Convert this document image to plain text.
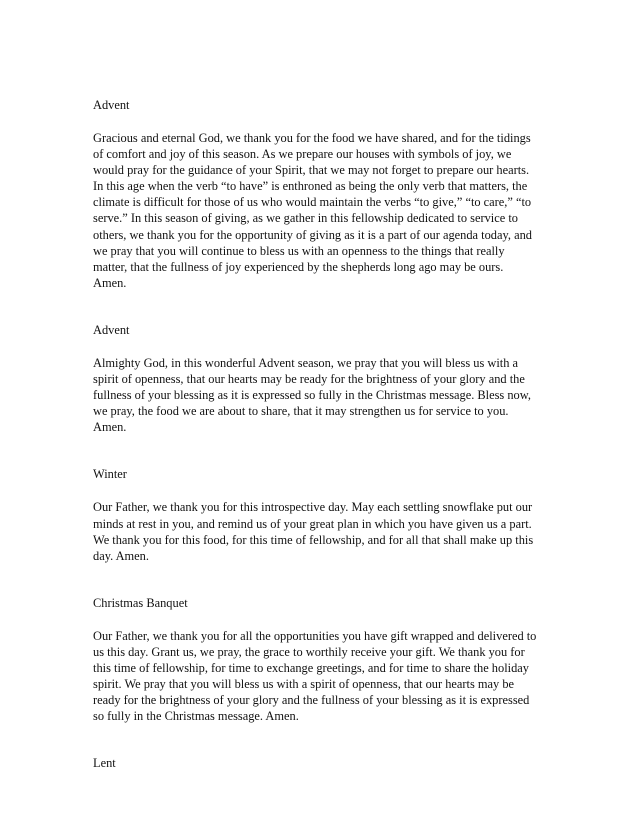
Advent
Gracious and eternal God, we thank you for the food we have shared, and for the tidings
of comfort and joy of this season. As we prepare our houses with symbols of joy, we
would pray for the guidance of your Spirit, that we may not forget to prepare our hearts.
In this age when the verb “to have” is enthroned as being the only verb that matters, the
climate is difficult for those of us who would maintain the verbs “to give,” “to care,” “to
serve.” In this season of giving, as we gather in this fellowship dedicated to service to
others, we thank you for the opportunity of giving as it is a part of our agenda today, and
we pray that you will continue to bless us with an openness to the things that really
matter, that the fullness of joy experienced by the shepherds long ago may be ours.
Amen.
Advent
Almighty God, in this wonderful Advent season, we pray that you will bless us with a
spirit of openness, that our hearts may be ready for the brightness of your glory and the
fullness of your blessing as it is expressed so fully in the Christmas message. Bless now,
we pray, the food we are about to share, that it may strengthen us for service to you.
Amen.
Winter
Our Father, we thank you for this introspective day. May each settling snowflake put our
minds at rest in you, and remind us of your great plan in which you have given us a part.
We thank you for this food, for this time of fellowship, and for all that shall make up this
day. Amen.
Christmas Banquet
Our Father, we thank you for all the opportunities you have gift wrapped and delivered to
us this day. Grant us, we pray, the grace to worthily receive your gift. We thank you for
this time of fellowship, for time to exchange greetings, and for time to share the holiday
spirit. We pray that you will bless us with a spirit of openness, that our hearts may be
ready for the brightness of your glory and the fullness of your blessing as it is expressed
so fully in the Christmas message. Amen.
Lent
